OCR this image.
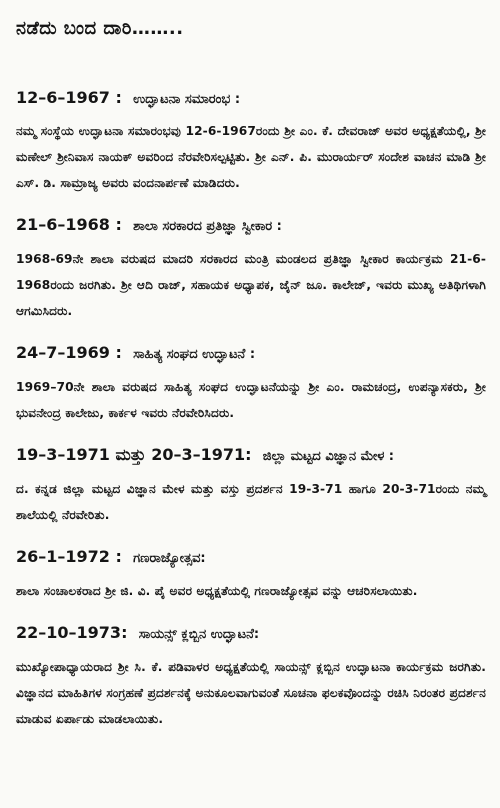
ನಡೆದು ಬಂದ ದಾರಿ……..
12–6–1967 : ಉದ್ಘಾಟನಾ ಸಮಾರಂಭ :
ನಮ್ಮ ಸಂಸ್ಥೆಯ ಉದ್ಘಾಟನಾ ಸಮಾರಂಭವು 12-6-1967ರಂದು ಶ್ರೀ ಎಂ. ಕೆ. ದೇವರಾಜ್ ಅವರ ಅಧ್ಯಕ್ಷತೆಯಲ್ಲಿ, ಶ್ರೀ ಮಣೇಲ್ ಶ್ರೀನಿವಾಸ ನಾಯಕ್ ಅವರಿಂದ ನೆರವೇರಿಸಲ್ಪಟ್ಟಿತು. ಶ್ರೀ ಎನ್. ಪಿ. ಮುರಾರ್ಯರ್ ಸಂದೇಶ ವಾಚನ ಮಾಡಿ ಶ್ರೀ ಎಸ್. ಡಿ. ಸಾಮ್ರಾಜ್ಯ ಅವರು ವಂದನಾರ್ಪಣೆ ಮಾಡಿದರು.
21–6–1968 : ಶಾಲಾ ಸರಕಾರದ ಪ್ರತಿಜ್ಞಾ ಸ್ವೀಕಾರ :
1968-69ನೇ ಶಾಲಾ ವರುಷದ ಮಾದರಿ ಸರಕಾರದ ಮಂತ್ರಿ ಮಂಡಲದ ಪ್ರತಿಜ್ಞಾ ಸ್ವೀಕಾರ ಕಾರ್ಯಕ್ರಮ 21-6-1968ರಂದು ಜರಗಿತು. ಶ್ರೀ ಆದಿ ರಾಜ್, ಸಹಾಯಕ ಅಧ್ಯಾಪಕ, ಜೈನ್ ಜೂ. ಕಾಲೇಜ್, ಇವರು ಮುಖ್ಯ ಅತಿಥಿಗಳಾಗಿ ಆಗಮಿಸಿದರು.
24–7–1969 : ಸಾಹಿತ್ಯ ಸಂಘದ ಉದ್ಘಾಟನೆ :
1969–70ನೇ ಶಾಲಾ ವರುಷದ ಸಾಹಿತ್ಯ ಸಂಘದ ಉದ್ಘಾಟನೆಯನ್ನು ಶ್ರೀ ಎಂ. ರಾಮಚಂದ್ರ, ಉಪನ್ಯಾಸಕರು, ಶ್ರೀ ಭುವನೇಂದ್ರ ಕಾಲೇಜು, ಕಾರ್ಕಳ ಇವರು ನೆರವೇರಿಸಿದರು.
19–3–1971 ಮತ್ತು 20–3–1971: ಜಿಲ್ಲಾ ಮಟ್ಟದ ವಿಜ್ಞಾನ ಮೇಳ :
ದ. ಕನ್ನಡ ಜಿಲ್ಲಾ ಮಟ್ಟದ ವಿಜ್ಞಾನ ಮೇಳ ಮತ್ತು ವಸ್ತು ಪ್ರದರ್ಶನ 19-3-71 ಹಾಗೂ 20-3-71ರಂದು ನಮ್ಮ ಶಾಲೆಯಲ್ಲಿ ನೆರವೇರಿತು.
26–1–1972 : ಗಣರಾಜ್ಯೋತ್ಸವ:
ಶಾಲಾ ಸಂಚಾಲಕರಾದ ಶ್ರೀ ಜಿ. ವಿ. ಪೈ ಅವರ ಅಧ್ಯಕ್ಷತೆಯಲ್ಲಿ ಗಣರಾಜ್ಯೋತ್ಸವ ವನ್ನು ಆಚರಿಸಲಾಯಿತು.
22–10–1973: ಸಾಯನ್ಸ್ ಕ್ಲಬ್ಬಿನ ಉದ್ಘಾಟನೆ:
ಮುಖ್ಯೋಪಾಧ್ಯಾಯರಾದ ಶ್ರೀ ಸಿ. ಕೆ. ಪಡಿವಾಳರ ಅಧ್ಯಕ್ಷತೆಯಲ್ಲಿ ಸಾಯನ್ಸ್ ಕ್ಲಬ್ಬಿನ ಉದ್ಘಾಟನಾ ಕಾರ್ಯಕ್ರಮ ಜರಗಿತು. ವಿಜ್ಞಾನದ ಮಾಹಿತಿಗಳ ಸಂಗ್ರಹಣೆ ಪ್ರದರ್ಶನಕ್ಕೆ ಅನುಕೂಲವಾಗುವಂತೆ ಸೂಚನಾ ಫಲಕವೊಂದನ್ನು ರಚಿಸಿ ನಿರಂತರ ಪ್ರದರ್ಶನ ಮಾಡುವ ಏರ್ಪಾಡು ಮಾಡಲಾಯಿತು.
